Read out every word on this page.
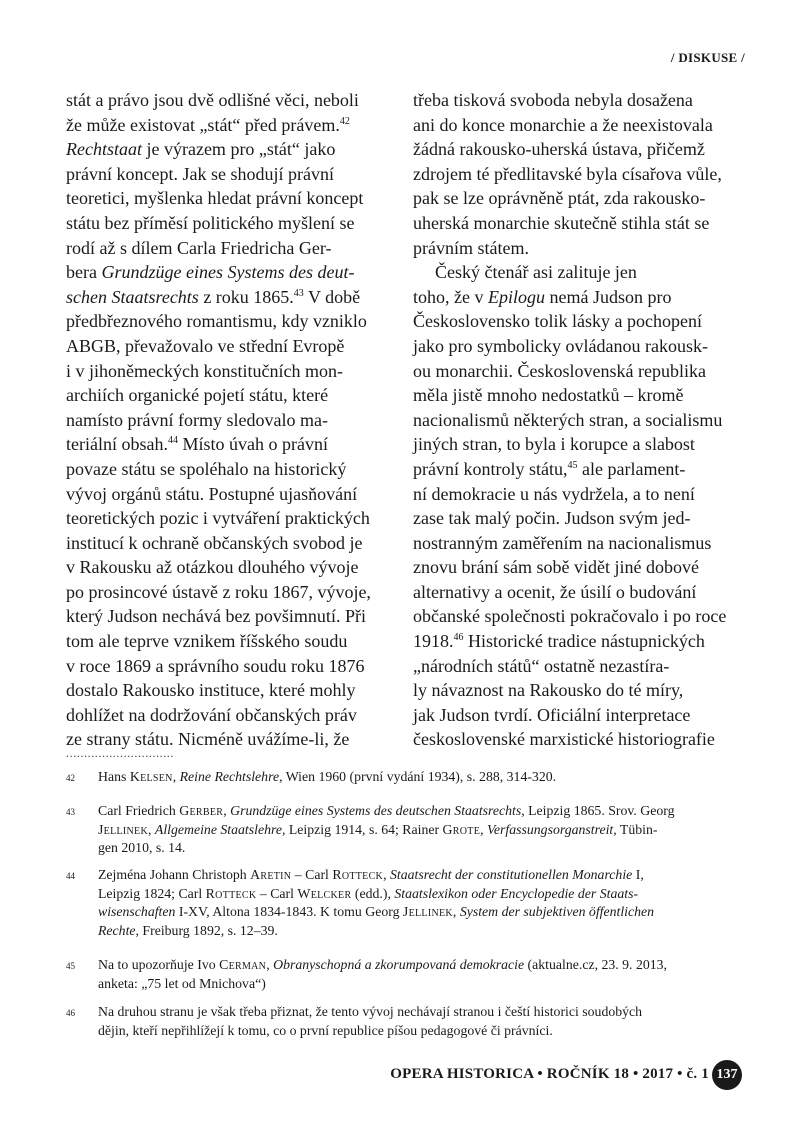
/ DISKUSE /
stát a právo jsou dvě odlišné věci, neboli
že může existovat „stát“ před právem.$^{42}$
Rechtstaat je výrazem pro „stát“ jako
právní koncept. Jak se shodují právní
teoretici, myšlenka hledat právní koncept
státu bez příměsí politického myšlení se
rodí až s dílem Carla Friedricha Ger-
bera Grundzüge eines Systems des deut-
schen Staatsrechts z roku 1865.43 V době
předbřeznového romantismu, kdy vzniklo
ABGB, převažovalo ve střední Evropě
i v jihoněmeckých konstitučních mon-
archiích organické pojetí státu, které
namísto právní formy sledovalo ma-
teriální obsah.$^{44}$ Místo úvah o právní
povaze státu se spoléhalo na historický
vývoj orgánů státu. Postupné ujasňování
teoretických pozic i vytváření praktických
institucí k ochraně občanských svobod je
v Rakousku až otázkou dlouhého vývoje
po prosincové ústavě z roku 1867, vývoje,
který Judson nechává bez povšimnutí. Při
tom ale teprve vznikem říšského soudu
v roce 1869 a správního soudu roku 1876
dostalo Rakousko instituce, které mohly
dohlížet na dodržování občanských práv
ze strany státu. Nicméně uvážíme-li, že
třeba tisková svoboda nebyla dosažena
ani do konce monarchie a že neexistovala
žádná rakousko-uherská ústava, přičemž
zdrojem té předlitavské byla císařova vůle,
pak se lze oprávněně ptát, zda rakousko-
uherská monarchie skutečně stihla stát se
právním státem.
Český čtenář asi zalituje jen
toho, že v Epilogu nemá Judson pro
Československo tolik lásky a pochopení
jako pro symbolicky ovládanou rakousk-
ou monarchii. Československá republika
měla jistě mnoho nedostatků – kromě
nacionalismů některých stran, a socialismu
jiných stran, to byla i korupce a slabost
právní kontroly státu,$^{45}$ ale parlament-
ní demokracie u nás vydržela, a to není
zase tak malý počin. Judson svým jed-
nostranným zaměřením na nacionalismus
znovu brání sám sobě vidět jiné dobové
alternativy a ocenit, že úsilí o budování
občanské společnosti pokračovalo i po roce
1918.46 Historické tradice nástupnických
„národních států“ ostatně nezastíra-
ly návaznost na Rakousko do té míry,
jak Judson tvrdí. Oficiální interpretace
československé marxistické historiografie
..............................
42 Hans Kelsen, Reine Rechtslehre, Wien 1960 (první vydání 1934), s. 288, 314-320.
43 Carl Friedrich Gerber, Grundzüge eines Systems des deutschen Staatsrechts, Leipzig 1865. Srov. Georg
Jellinek, Allgemeine Staatslehre, Leipzig 1914, s. 64; Rainer Grote, Verfassungsorganstreit, Tübin-
gen 2010, s. 14.
44 Zejména Johann Christoph Aretin – Carl Rotteck, Staatsrecht der constitutionellen Monarchie I,
Leipzig 1824; Carl Rotteck – Carl Welcker (edd.), Staatslexikon oder Encyclopedie der Staats-
wisenschaften I-XV, Altona 1834-1843. K tomu Georg Jellinek, System der subjektiven öffentlichen
Rechte, Freiburg 1892, s. 12–39.
45 Na to upozorňuje Ivo Cerman, Obranyschopná a zkorumpovaná demokracie (aktualne.cz, 23. 9. 2013,
anketa: „75 let od Mnichova“)
46 Na druhou stranu je však třeba přiznat, že tento vývoj nechávají stranou i čeští historici soudobých
dějin, kteří nepřihlížejí k tomu, co o první republice píšou pedagogové či právníci.
OPERA HISTORICA • ROČNÍK 18 • 2017 • č. 1 137
